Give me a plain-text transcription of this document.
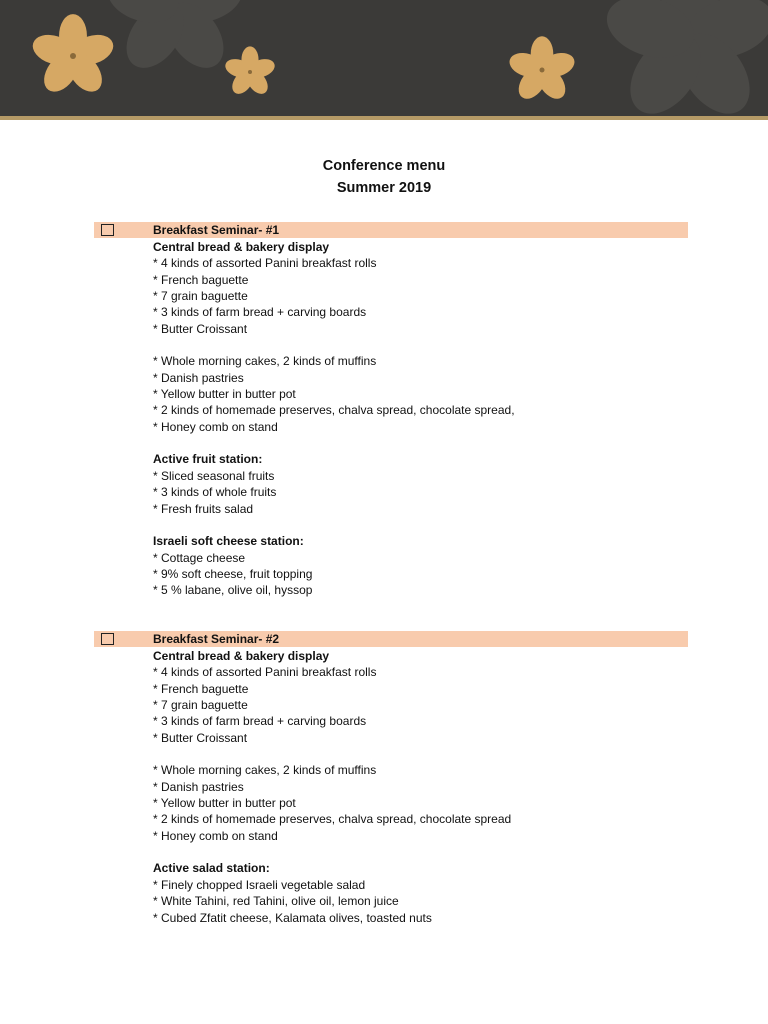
Conference menu
Summer 2019
Breakfast Seminar- #1
Central bread & bakery display
* 4 kinds of assorted Panini breakfast rolls
* French baguette
* 7 grain baguette
* 3 kinds of farm bread + carving boards
* Butter Croissant
* Whole morning cakes, 2 kinds of muffins
* Danish pastries
* Yellow butter in butter pot
* 2 kinds of homemade preserves, chalva spread, chocolate spread,
* Honey comb on stand
Active fruit station:
* Sliced seasonal fruits
* 3 kinds of whole fruits
* Fresh fruits salad
Israeli soft cheese station:
* Cottage cheese
* 9% soft cheese, fruit topping
* 5 % labane, olive oil, hyssop
Breakfast Seminar- #2
Central bread & bakery display
* 4 kinds of assorted Panini breakfast rolls
* French baguette
* 7 grain baguette
* 3 kinds of farm bread + carving boards
* Butter Croissant
* Whole morning cakes, 2 kinds of muffins
* Danish pastries
* Yellow butter in butter pot
* 2 kinds of homemade preserves, chalva spread, chocolate spread
* Honey comb on stand
Active salad station:
* Finely chopped Israeli vegetable salad
* White Tahini, red Tahini, olive oil, lemon juice
* Cubed Zfatit cheese, Kalamata olives, toasted nuts
